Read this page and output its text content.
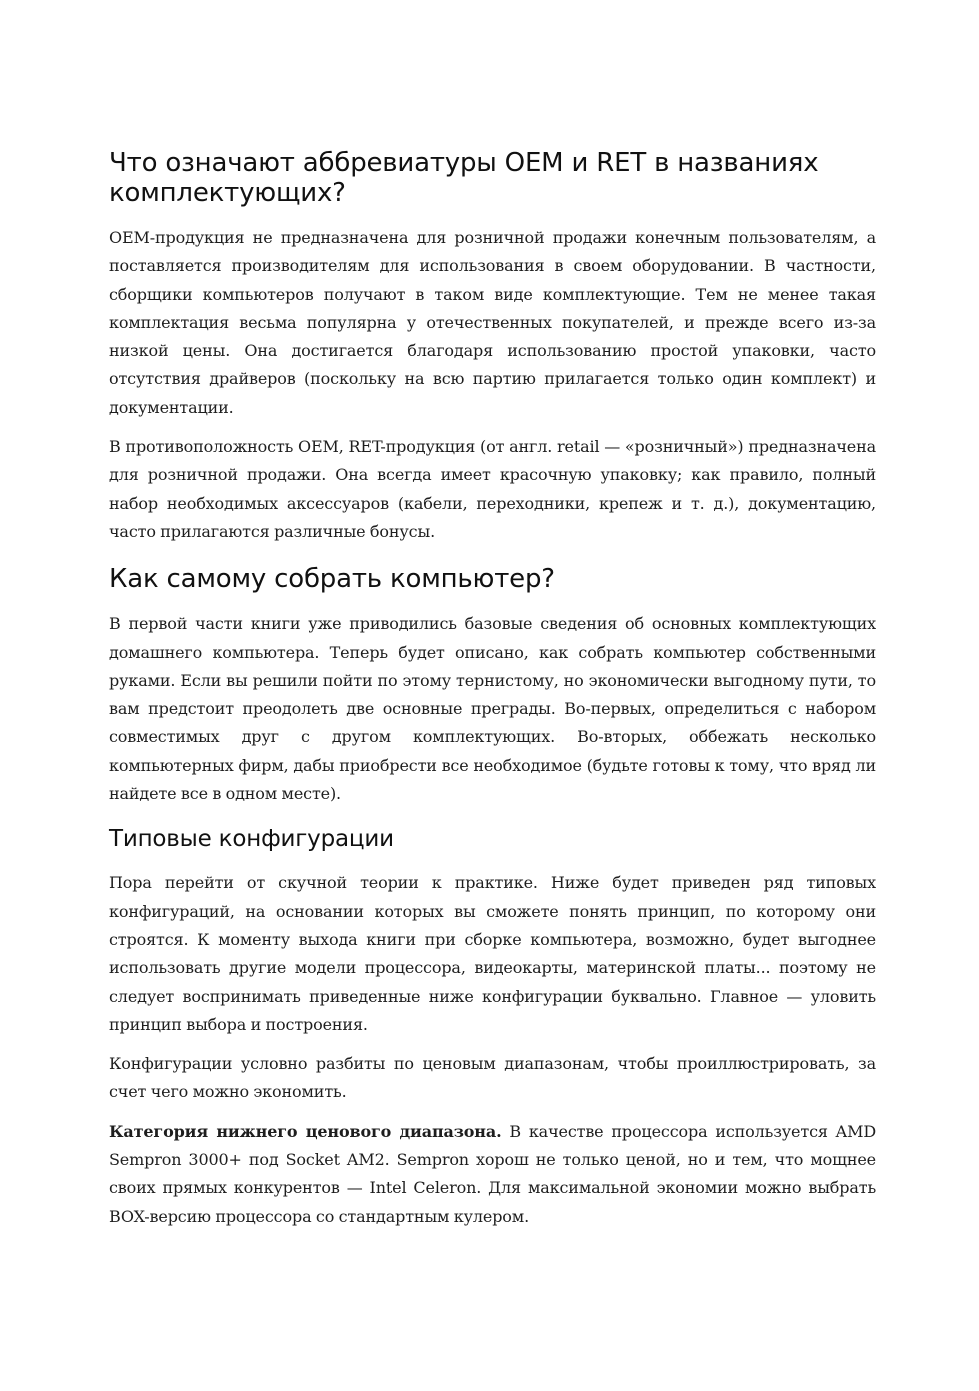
Что означают аббревиатуры OEM и RET в названиях комплектующих?

OEM-продукция не предназначена для розничной продажи конечным пользователям, а поставляется производителям для использования в своем оборудовании. В частности, сборщики компьютеров получают в таком виде комплектующие. Тем не менее такая комплектация весьма популярна у отечественных покупателей, и прежде всего из-за низкой цены. Она достигается благодаря использованию простой упаковки, часто отсутствия драйверов (поскольку на всю партию прилагается только один комплект) и документации.

В противоположность OEM, RET-продукция (от англ. retail — «розничный») предназначена для розничной продажи. Она всегда имеет красочную упаковку; как правило, полный набор необходимых аксессуаров (кабели, переходники, крепеж и т. д.), документацию, часто прилагаются различные бонусы.

Как самому собрать компьютер?

В первой части книги уже приводились базовые сведения об основных комплектующих домашнего компьютера. Теперь будет описано, как собрать компьютер собственными руками. Если вы решили пойти по этому тернистому, но экономически выгодному пути, то вам предстоит преодолеть две основные преграды. Во-первых, определиться с набором совместимых друг с другом комплектующих. Во-вторых, оббежать несколько компьютерных фирм, дабы приобрести все необходимое (будьте готовы к тому, что вряд ли найдете все в одном месте).

Типовые конфигурации

Пора перейти от скучной теории к практике. Ниже будет приведен ряд типовых конфигураций, на основании которых вы сможете понять принцип, по которому они строятся. К моменту выхода книги при сборке компьютера, возможно, будет выгоднее использовать другие модели процессора, видеокарты, материнской платы... поэтому не следует воспринимать приведенные ниже конфигурации буквально. Главное — уловить принцип выбора и построения.

Конфигурации условно разбиты по ценовым диапазонам, чтобы проиллюстрировать, за счет чего можно экономить.

Категория нижнего ценового диапазона. В качестве процессора используется AMD Sempron 3000+ под Socket AM2. Sempron хорош не только ценой, но и тем, что мощнее своих прямых конкурентов — Intel Celeron. Для максимальной экономии можно выбрать BOX-версию процессора со стандартным кулером.
